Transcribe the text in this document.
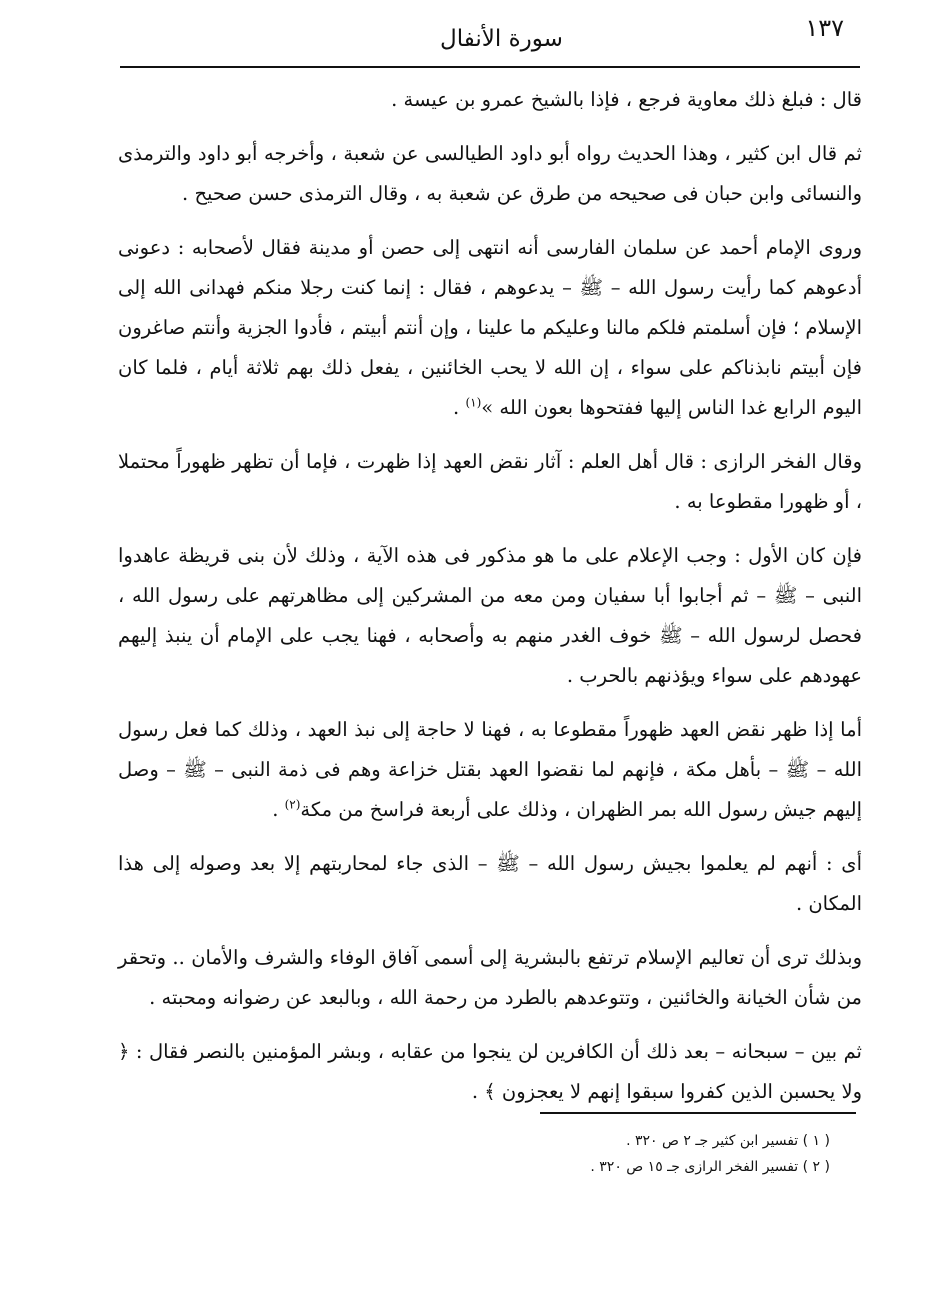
١٣٧
سورة الأنفال

قال : فبلغ ذلك معاوية فرجع ، فإذا بالشيخ عمرو بن عيسة .

ثم قال ابن كثير ، وهذا الحديث رواه أبو داود الطيالسى عن شعبة ، وأخرجه أبو داود والترمذى والنسائى وابن حبان فى صحيحه من طرق عن شعبة به ، وقال الترمذى حسن صحيح .

وروى الإمام أحمد عن سلمان الفارسى أنه انتهى إلى حصن أو مدينة فقال لأصحابه : دعونى أدعوهم كما رأيت رسول الله – ﷺ – يدعوهم ، فقال : إنما كنت رجلا منكم فهدانى الله إلى الإسلام ؛ فإن أسلمتم فلكم مالنا وعليكم ما علينا ، وإن أنتم أبيتم ، فأدوا الجزية وأنتم صاغرون فإن أبيتم نابذناكم على سواء ، إن الله لا يحب الخائنين ، يفعل ذلك بهم ثلاثة أيام ، فلما كان اليوم الرابع غدا الناس إليها ففتحوها بعون الله »$^{(١)}$ .

وقال الفخر الرازى : قال أهل العلم : آثار نقض العهد إذا ظهرت ، فإما أن تظهر ظهوراً محتملا ، أو ظهورا مقطوعا به .

فإن كان الأول : وجب الإعلام على ما هو مذكور فى هذه الآية ، وذلك لأن بنى قريظة عاهدوا النبى – ﷺ – ثم أجابوا أبا سفيان ومن معه من المشركين إلى مظاهرتهم على رسول الله ، فحصل لرسول الله – ﷺ خوف الغدر منهم به وأصحابه ، فهنا يجب على الإمام أن ينبذ إليهم عهودهم على سواء ويؤذنهم بالحرب .

أما إذا ظهر نقض العهد ظهوراً مقطوعا به ، فهنا لا حاجة إلى نبذ العهد ، وذلك كما فعل رسول الله – ﷺ – بأهل مكة ، فإنهم لما نقضوا العهد بقتل خزاعة وهم فى ذمة النبى – ﷺ – وصل إليهم جيش رسول الله بمر الظهران ، وذلك على أربعة فراسخ من مكة$^{(٢)}$ .

أى : أنهم لم يعلموا بجيش رسول الله – ﷺ – الذى جاء لمحاربتهم إلا بعد وصوله إلى هذا المكان .

وبذلك ترى أن تعاليم الإسلام ترتفع بالبشرية إلى أسمى آفاق الوفاء والشرف والأمان .. وتحقر من شأن الخيانة والخائنين ، وتتوعدهم بالطرد من رحمة الله ، وبالبعد عن رضوانه ومحبته .

ثم بين – سبحانه – بعد ذلك أن الكافرين لن ينجوا من عقابه ، وبشر المؤمنين بالنصر فقال : ﴿ ولا يحسبن الذين كفروا سبقوا إنهم لا يعجزون ﴾ .

( ١ ) تفسير ابن كثير جـ ٢ ص ٣٢٠ .
( ٢ ) تفسير الفخر الرازى جـ ١٥ ص ٣٢٠ .
